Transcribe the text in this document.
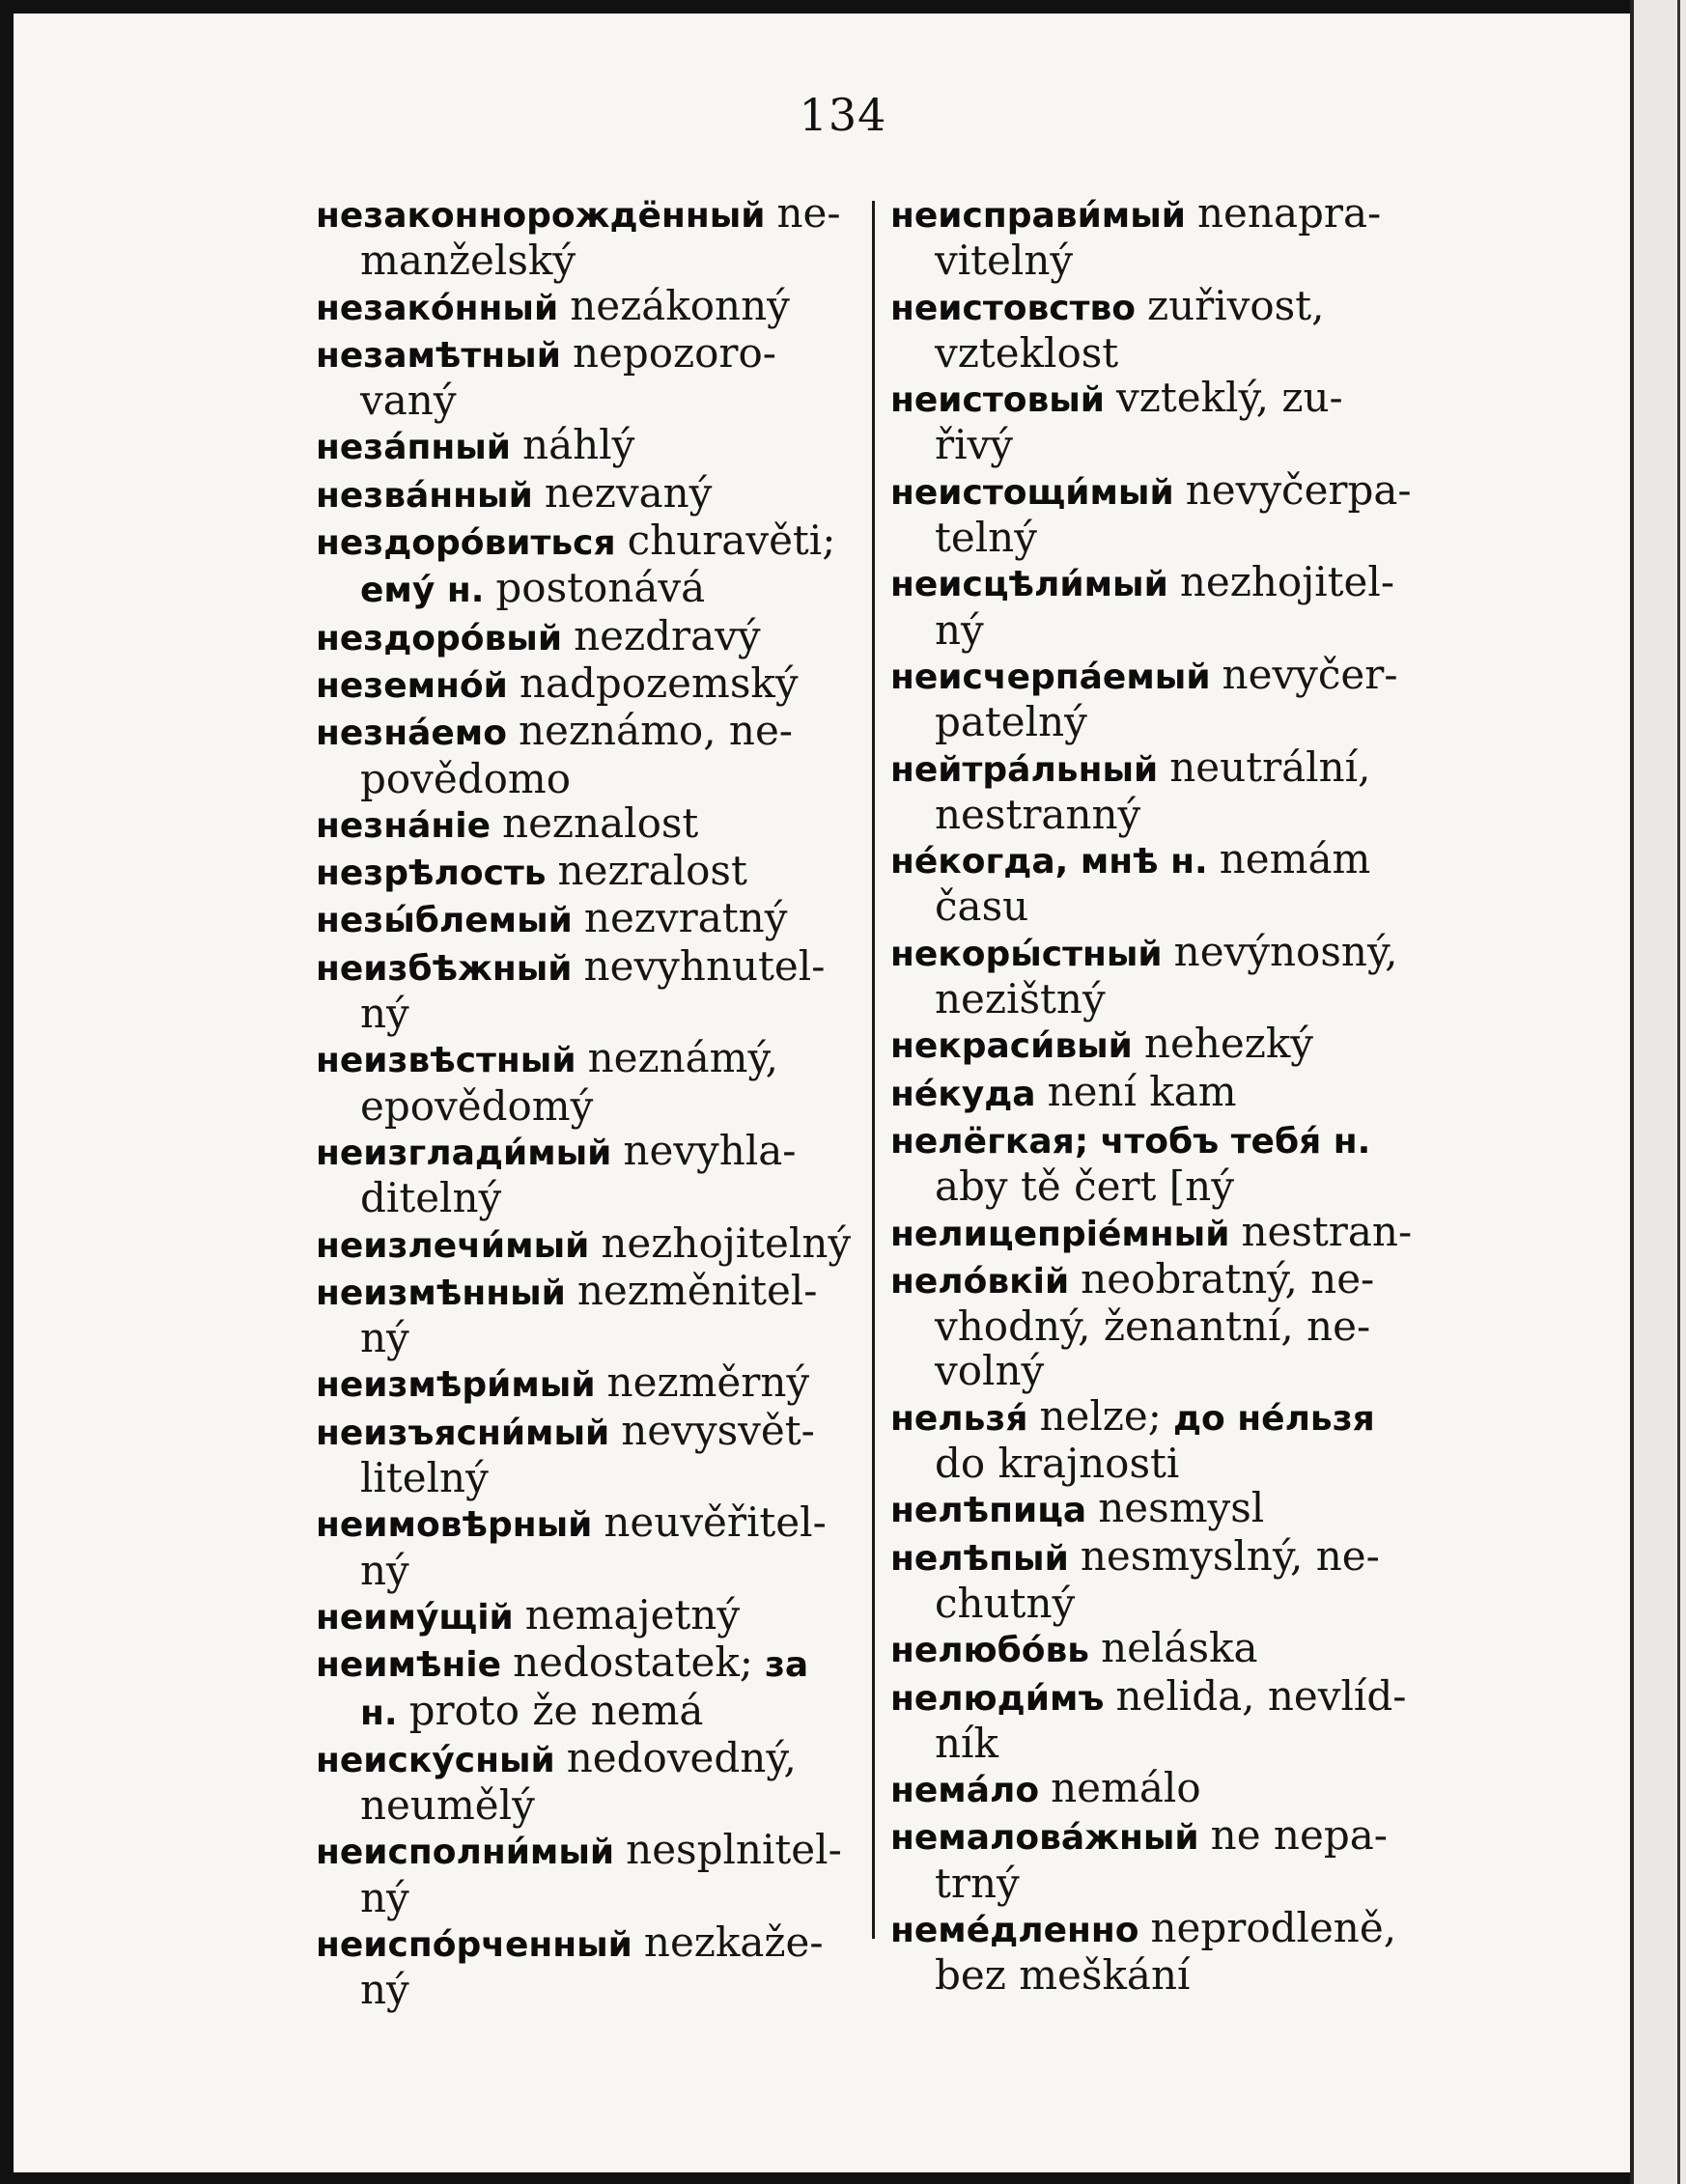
134
незаконнорождённый ne-
manželský
незакóнный nezákonný
незамѣтный nepozoro-
vaný
незáпный náhlý
незвáнный nezvaný
нездорóвиться churavěti;
емý н. postonává
нездорóвый nezdravý
неземнóй nadpozemský
незнáемо neznámo, ne-
povědomo
незнáніе neznalost
незрѣлость nezralost
незы́блемый nezvratný
неизбѣжный nevyhnutel-
ný
неизвѣстный neznámý,
epovědomý
неизглади́мый nevyhla-
ditelný
неизлечи́мый nezhojitelný
неизмѣнный nezměnitel-
ný
неизмѣри́мый nezměrný
неизъясни́мый nevysvět-
litelný
неимовѣрный neuvěřitel-
ný
неимýщій nemajetný
неимѣніе nedostatek; за
н. proto že nemá
неискýсный nedovedný,
neumělý
неисполни́мый nesplnitel-
ný
неиспóрченный nezkaže-
ný
неисправи́мый nenapra-
vitelný
неистовство zuřivost,
vzteklost
неистовый vzteklý, zu-
řivý
неистощи́мый nevyčerpa-
telný
неисцѣли́мый nezhojitel-
ný
неисчерпáемый nevyčer-
patelný
нейтрáльный neutrální,
nestranný
нéкогда, мнѣ н. nemám
času
некоры́стный nevýnosný,
nezištný
некраси́вый nehezký
нéкуда není kam
нелёгкая; чтобъ тебя́ н.
aby tě čert [ný
нелицепріéмный nestran-
нелóвкій neobratný, ne-
vhodný, ženantní, ne-
volný
нельзя́ nelze; до нéльзя
do krajnosti
нелѣпица nesmysl
нелѣпый nesmyslný, ne-
chutný
нелюбóвь neláska
нелюди́мъ nelida, nevlíd-
ník
немáло nemálo
немаловáжный ne nepa-
trný
немéдленно neprodleně,
bez meškání
